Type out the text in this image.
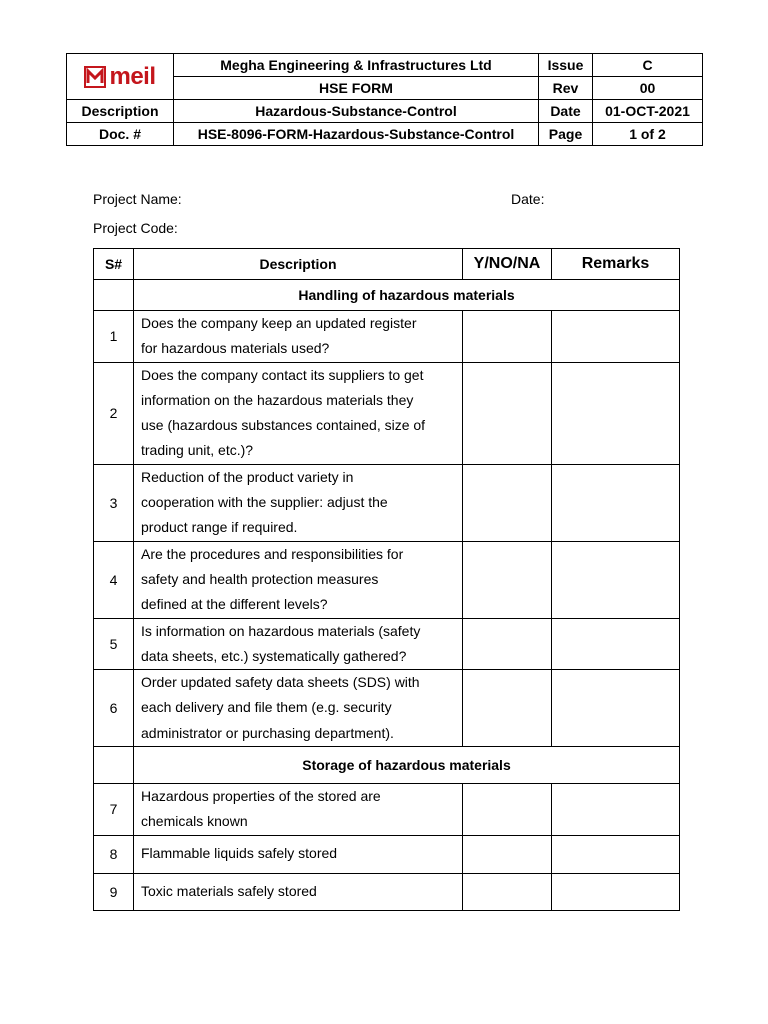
meil	Megha Engineering & Infrastructures Ltd	Issue	C
	HSE FORM	Rev	00
Description	Hazardous-Substance-Control	Date	01-OCT-2021
Doc. #	HSE-8096-FORM-Hazardous-Substance-Control	Page	1 of 2
Project Name:	Date:
Project Code:
S#	Description	Y/NO/NA	Remarks
	Handling of hazardous materials		
1	Does the company keep an updated register
for hazardous materials used?		

2	Does the company contact its suppliers to get
information on the hazardous materials they
use (hazardous substances contained, size of
trading unit, etc.)?		

3	Reduction of the product variety in
cooperation with the supplier: adjust the
product range if required.		

4	Are the procedures and responsibilities for
safety and health protection measures
defined at the different levels?		

5	Is information on hazardous materials (safety
data sheets, etc.) systematically gathered?		

6	Order updated safety data sheets (SDS) with
each delivery and file them (e.g. security
administrator or purchasing department).		

	Storage of hazardous materials		
7	Hazardous properties of the stored are
chemicals known		

8	Flammable liquids safely stored		

9	Toxic materials safely stored		
